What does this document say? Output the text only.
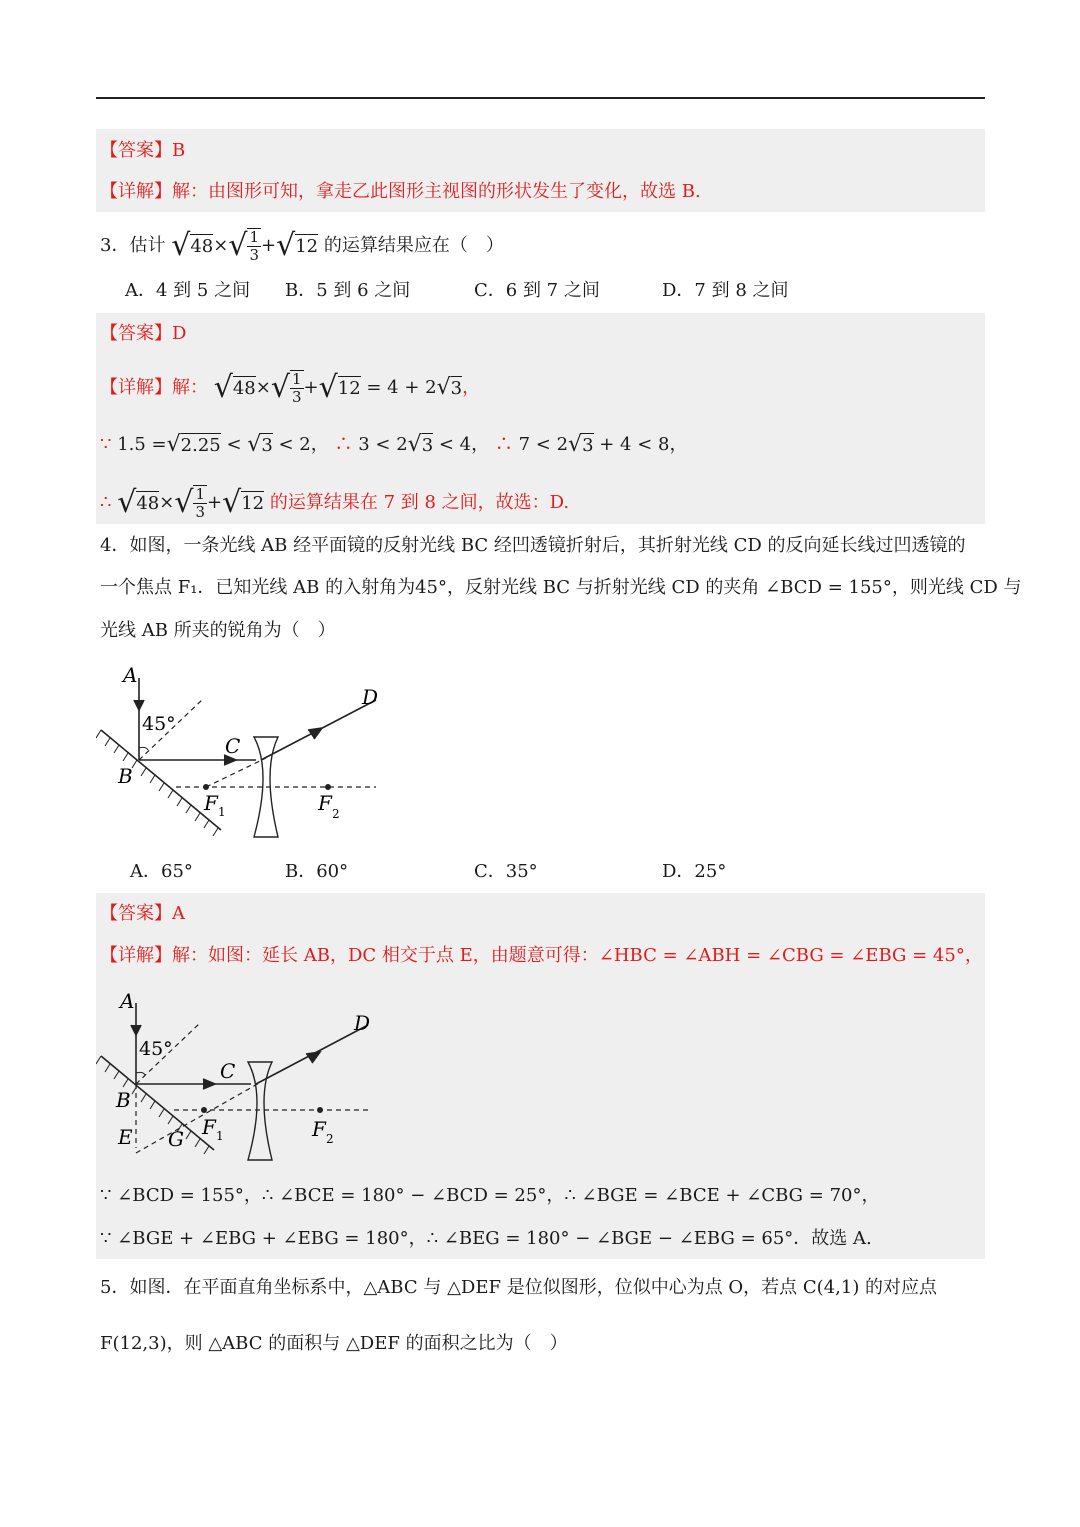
【答案】B
【详解】解：由图形可知，拿走乙此图形主视图的形状发生了变化，故选 B.
3．估计 $√48\times√ \frac{1}{3} +√12$ 的运算结果应在（　）
A．4 到 5 之间 B．5 到 6 之间	C．6 到 7 之间	D．7 到 8 之间
【答案】D
【详解】解： $√48\times√ \frac{1}{3} +√12 = 4 + 2√3$，
∵ 1.5 =√2.25 < √3 < 2， ∴ 3 < 2√3 < 4， ∴ 7 < 2√3 + 4 < 8，
∴ $√48\times√ \frac{1}{3} +√12$ 的运算结果在 7 到 8 之间，故选：D.
4．如图，一条光线 AB 经平面镜的反射光线 BC 经凹透镜折射后，其折射光线 CD 的反向延长线过凹透镜的
一个焦点 F₁．已知光线 AB 的入射角为45°，反射光线 BC 与折射光线 CD 的夹角 ∠BCD = 155°，则光线 CD 与
光线 AB 所夹的锐角为（　）
A
45°
C
D
B
F 1	F 2
A．65°	B．60°	C．35°	D．25°
【答案】A
【详解】解：如图：延长 AB，DC 相交于点 E，由题意可得：∠HBC = ∠ABH = ∠CBG = ∠EBG = 45°，
A
45°
C
D
B
E G F 1	F 2
∵ ∠BCD = 155°，∴ ∠BCE = 180° − ∠BCD = 25°，∴ ∠BGE = ∠BCE + ∠CBG = 70°，
∵ ∠BGE + ∠EBG + ∠EBG = 180°，∴ ∠BEG = 180° − ∠BGE − ∠EBG = 65°．故选 A.
5．如图．在平面直角坐标系中，△ABC 与 △DEF 是位似图形，位似中心为点 O，若点 C(4,1) 的对应点
F(12,3)，则 △ABC 的面积与 △DEF 的面积之比为（　）
